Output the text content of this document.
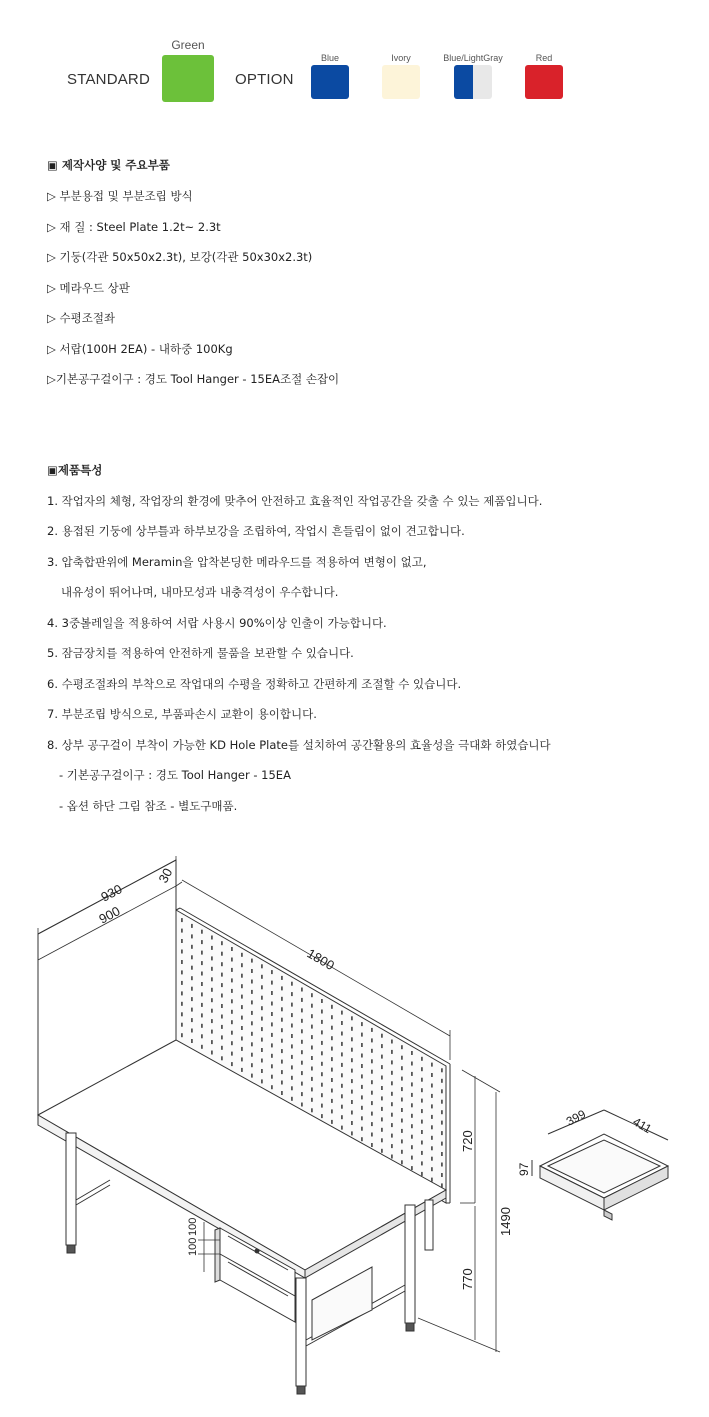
STANDARD
Green
OPTION
Blue	Ivory	Blue/LightGray	Red
▣ 제작사양 및 주요부품
▷ 부분용접 및 부분조립 방식
▷ 재 질 : Steel Plate 1.2t~ 2.3t
▷ 기둥(각관 50x50x2.3t), 보강(각관 50x30x2.3t)
▷ 메라우드 상판
▷ 수평조절좌
▷ 서랍(100H 2EA) - 내하중 100Kg
▷기본공구걸이구 : 경도 Tool Hanger - 15EA조절 손잡이
▣제품특성
1. 작업자의 체형, 작업장의 환경에 맞추어 안전하고 효율적인 작업공간을 갖출 수 있는 제품입니다.
2. 용접된 기둥에 상부틀과 하부보강을 조립하여, 작업시 흔들림이 없이 견고합니다.
3. 압축합판위에 Meramin을 압착본딩한 메라우드를 적용하여 변형이 없고,
내유성이 뛰어나며, 내마모성과 내충격성이 우수합니다.
4. 3중볼레일을 적용하여 서랍 사용시 90%이상 인출이 가능합니다.
5. 잠금장치를 적용하여 안전하게 물품을 보관할 수 있습니다.
6. 수평조절좌의 부착으로 작업대의 수평을 정확하고 간편하게 조절할 수 있습니다.
7. 부분조립 방식으로, 부품파손시 교환이 용이합니다.
8. 상부 공구걸이 부착이 가능한 KD Hole Plate를 설치하여 공간활용의 효율성을 극대화 하였습니다
- 기본공구걸이구 : 경도 Tool Hanger - 15EA
- 옵션 하단 그림 참조 - 별도구매품.
930
900
30
1800
720
1490
770
100
100
399	411
97
